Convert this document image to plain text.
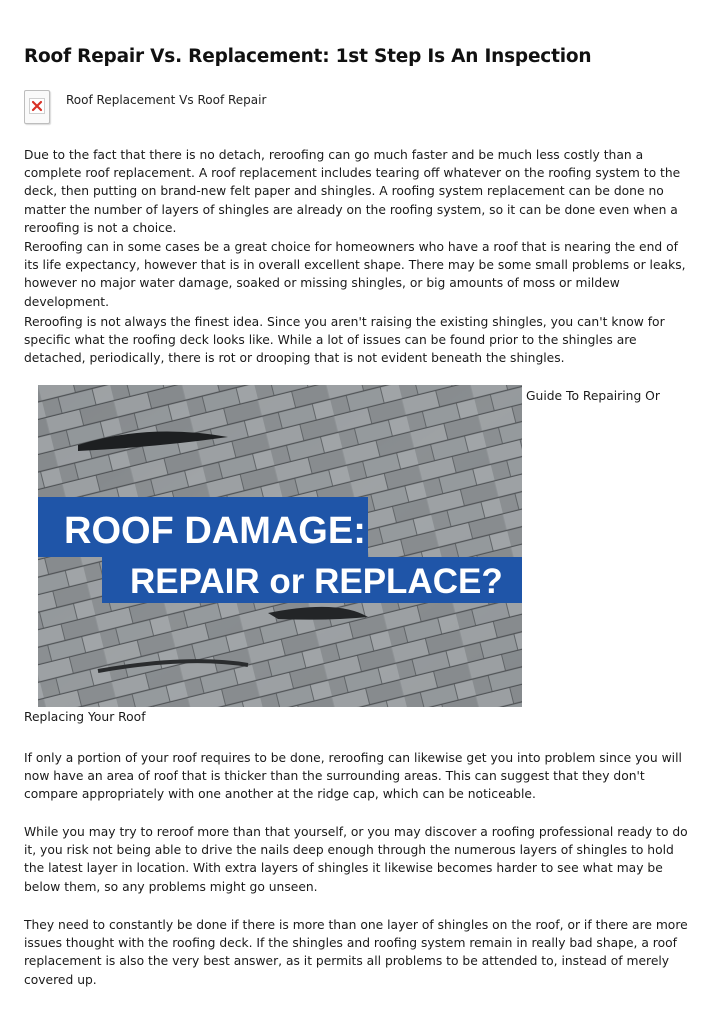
Roof Repair Vs. Replacement: 1st Step Is An Inspection
Roof Replacement Vs Roof Repair

Due to the fact that there is no detach, reroofing can go much faster and be much less costly than a complete roof replacement. A roof replacement includes tearing off whatever on the roofing system to the deck, then putting on brand-new felt paper and shingles. A roofing system replacement can be done no matter the number of layers of shingles are already on the roofing system, so it can be done even when a reroofing is not a choice.

Reroofing can in some cases be a great choice for homeowners who have a roof that is nearing the end of its life expectancy, however that is in overall excellent shape. There may be some small problems or leaks, however no major water damage, soaked or missing shingles, or big amounts of moss or mildew development.

Reroofing is not always the finest idea. Since you aren't raising the existing shingles, you can't know for specific what the roofing deck looks like. While a lot of issues can be found prior to the shingles are detached, periodically, there is rot or drooping that is not evident beneath the shingles.

ROOF DAMAGE:
REPAIR or REPLACE?
Guide To Repairing Or
Replacing Your Roof

If only a portion of your roof requires to be done, reroofing can likewise get you into problem since you will now have an area of roof that is thicker than the surrounding areas. This can suggest that they don't compare appropriately with one another at the ridge cap, which can be noticeable.

While you may try to reroof more than that yourself, or you may discover a roofing professional ready to do it, you risk not being able to drive the nails deep enough through the numerous layers of shingles to hold the latest layer in location. With extra layers of shingles it likewise becomes harder to see what may be below them, so any problems might go unseen.

They need to constantly be done if there is more than one layer of shingles on the roof, or if there are more issues thought with the roofing deck. If the shingles and roofing system remain in really bad shape, a roof replacement is also the very best answer, as it permits all problems to be attended to, instead of merely covered up.
